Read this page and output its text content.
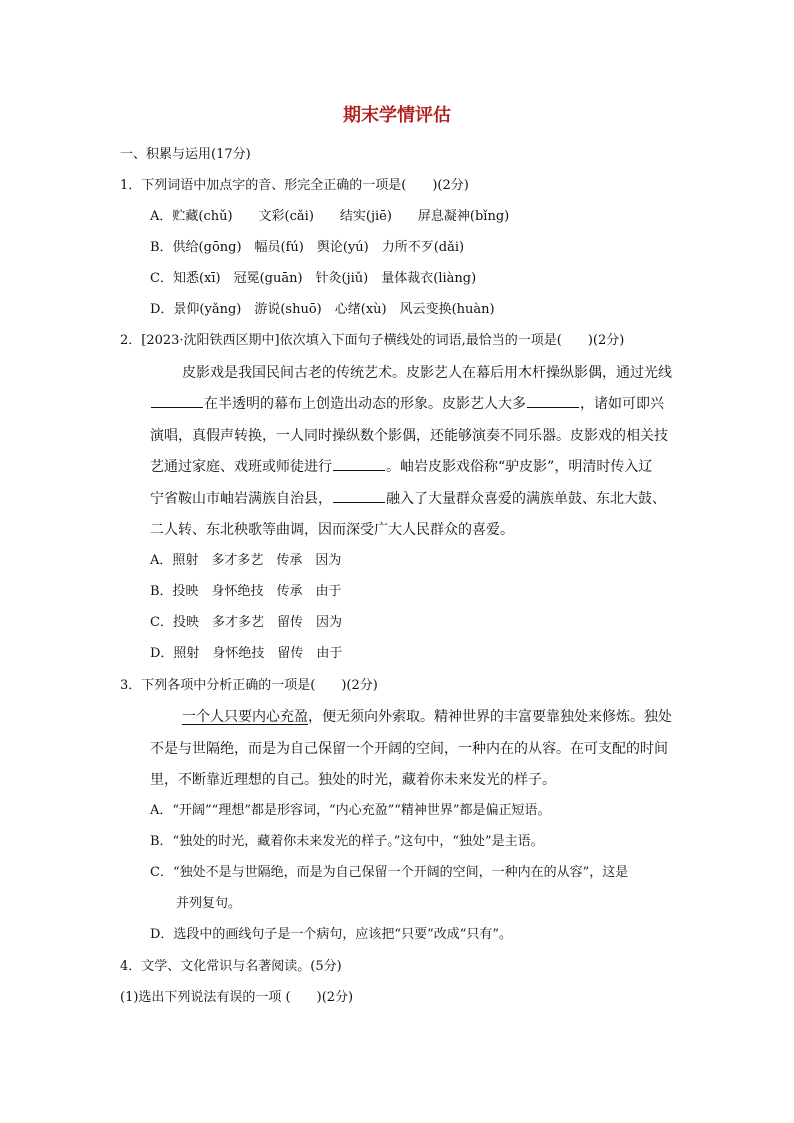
期末学情评估
一、积累与运用(17分)
1．下列词语中加点字的音、形完全正确的一项是(　　)(2分)
A．贮藏(chǔ)　　文彩(cǎi)　　结实(jiē)　　屏息凝神(bǐng)
B．供给(gōng)　幅员(fú)　舆论(yú)　力所不歹(dǎi)
C．知悉(xī)　冠冕(guān)　针灸(jiǔ)　量体裁衣(liàng)
D．景仰(yǎng)　游说(shuō)　心绪(xù)　风云变换(huàn)
2．[2023·沈阳铁西区期中]依次填入下面句子横线处的词语,最恰当的一项是(　　)(2分)
皮影戏是我国民间古老的传统艺术。皮影艺人在幕后用木杆操纵影偶，通过光线
在半透明的幕布上创造出动态的形象。皮影艺人大多	，诸如可即兴
演唱，真假声转换，一人同时操纵数个影偶，还能够演奏不同乐器。皮影戏的相关技
艺通过家庭、戏班或师徒进行	。岫岩皮影戏俗称“驴皮影”，明清时传入辽
宁省鞍山市岫岩满族自治县，	融入了大量群众喜爱的满族单鼓、东北大鼓、
二人转、东北秧歌等曲调，因而深受广大人民群众的喜爱。
A．照射　多才多艺　传承　因为
B．投映　身怀绝技　传承　由于
C．投映　多才多艺　留传　因为
D．照射　身怀绝技　留传　由于
3．下列各项中分析正确的一项是(　　)(2分)
一个人只要内心充盈，便无须向外索取。精神世界的丰富要靠独处来修炼。独处
不是与世隔绝，而是为自己保留一个开阔的空间，一种内在的从容。在可支配的时间
里，不断靠近理想的自己。独处的时光，藏着你未来发光的样子。
A．“开阔”“理想”都是形容词，“内心充盈”“精神世界”都是偏正短语。
B．“独处的时光，藏着你未来发光的样子。”这句中，“独处”是主语。
C．“独处不是与世隔绝，而是为自己保留一个开阔的空间，一种内在的从容”，这是
并列复句。
D．选段中的画线句子是一个病句，应该把“只要”改成“只有”。
4．文学、文化常识与名著阅读。(5分)
(1)选出下列说法有误的一项 (　　)(2分)
